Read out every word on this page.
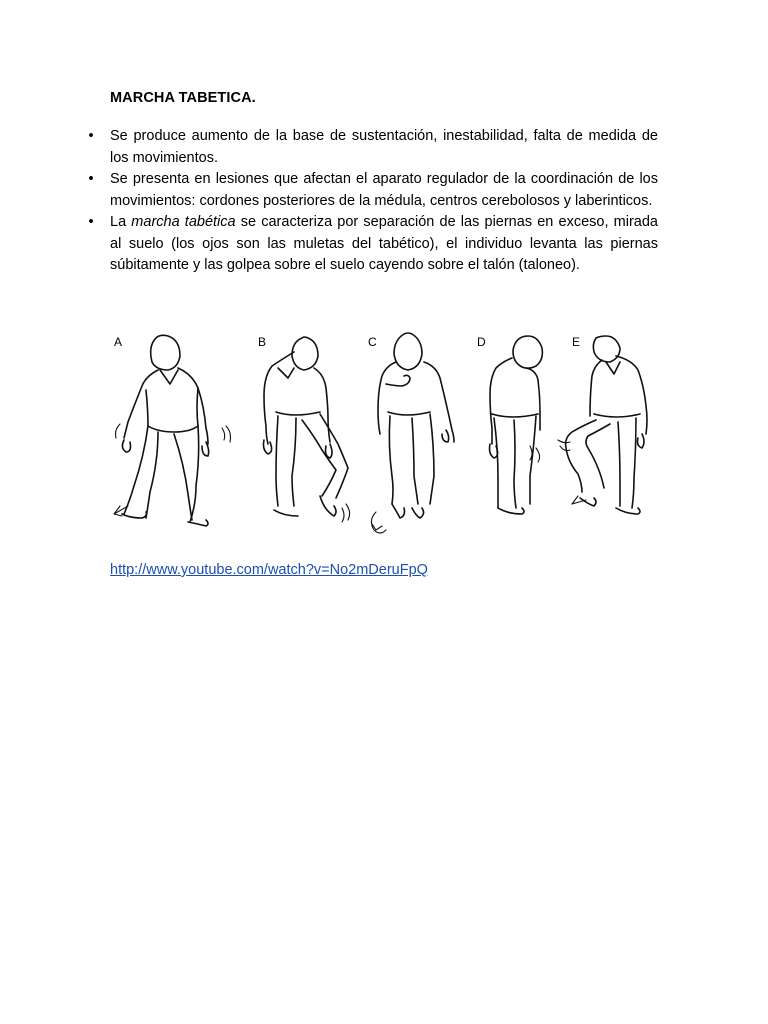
MARCHA TABETICA.
• Se produce aumento de la base de sustentación, inestabilidad, falta de medida de los movimientos.
• Se presenta en lesiones que afectan el aparato regulador de la coordinación de los movimientos: cordones posteriores de la médula, centros cerebolosos y laberinticos.
• La marcha tabética se caracteriza por separación de las piernas en exceso, mirada al suelo (los ojos son las muletas del tabético), el individuo levanta las piernas súbitamente y las golpea sobre el suelo cayendo sobre el talón (taloneo).
A	B	C	D	E
http://www.youtube.com/watch?v=No2mDeruFpQ
